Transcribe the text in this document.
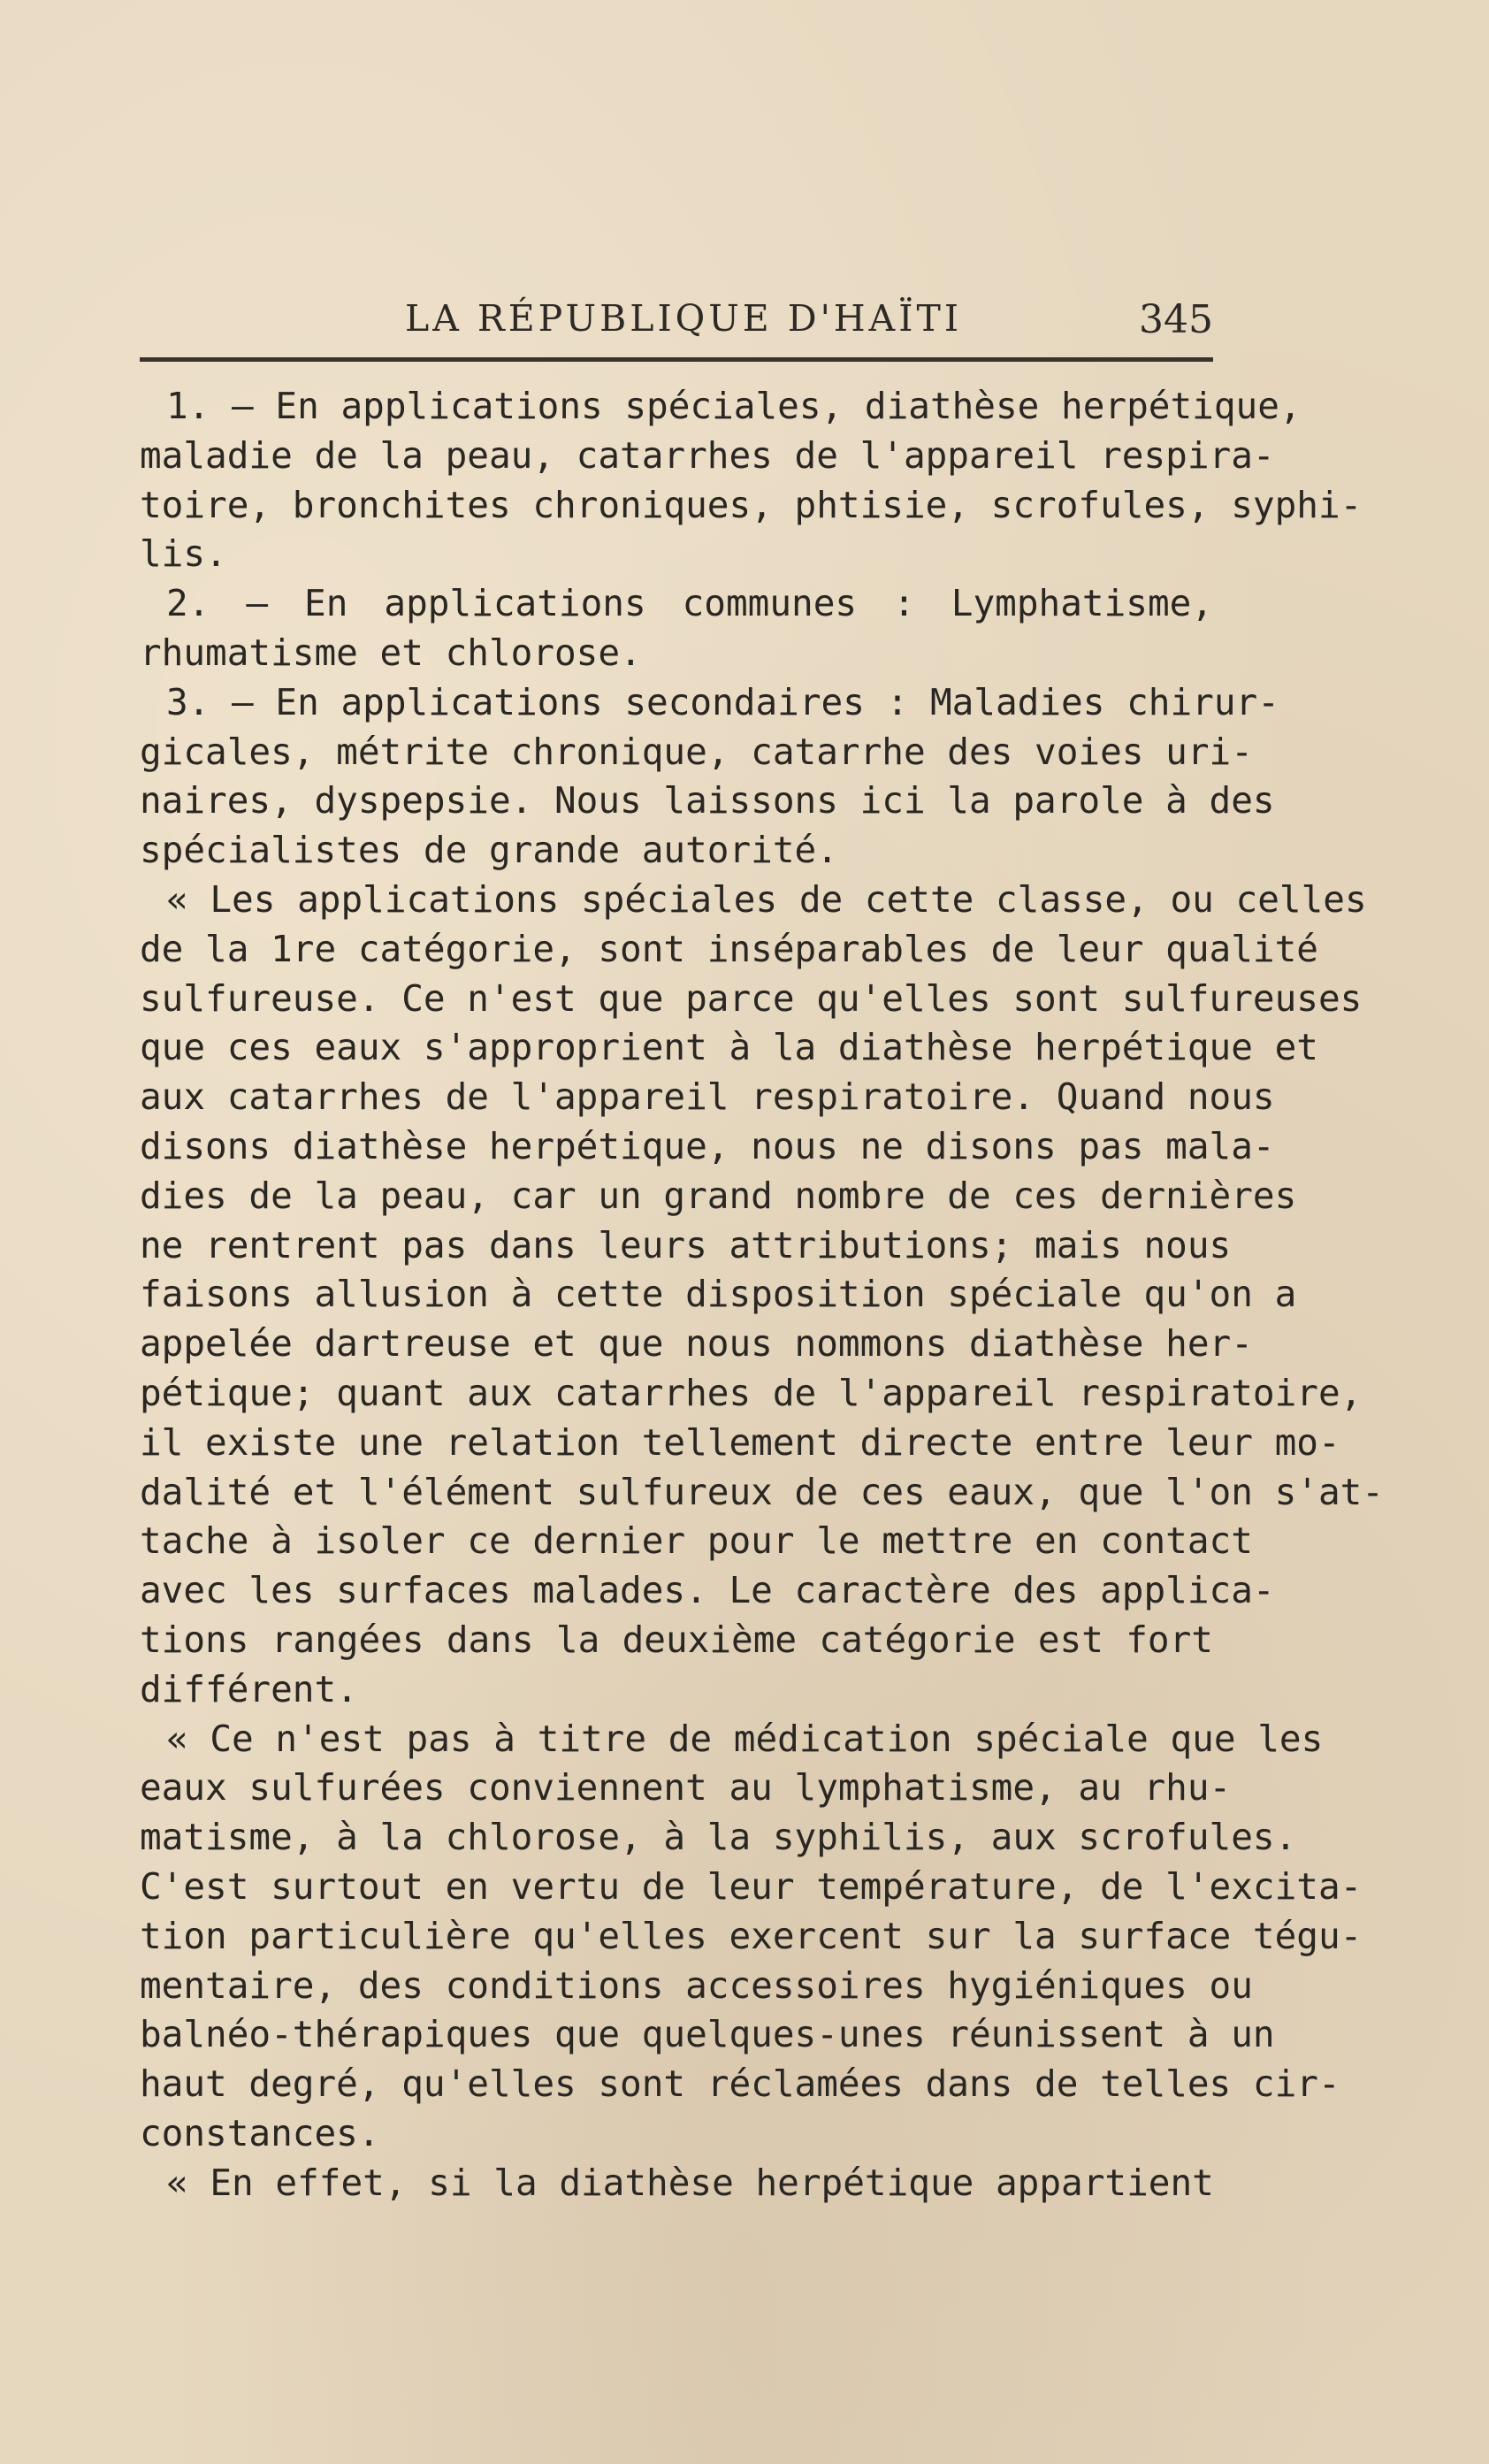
LA RÉPUBLIQUE D'HAÏTI	345
1. — En applications spéciales, diathèse herpétique,
maladie de la peau, catarrhes de l'appareil respira-
toire, bronchites chroniques, phtisie, scrofules, syphi-
lis.
2. — En applications communes : Lymphatisme,
rhumatisme et chlorose.
3. — En applications secondaires : Maladies chirur-
gicales, métrite chronique, catarrhe des voies uri-
naires, dyspepsie. Nous laissons ici la parole à des
spécialistes de grande autorité.
« Les applications spéciales de cette classe, ou celles
de la 1re catégorie, sont inséparables de leur qualité
sulfureuse. Ce n'est que parce qu'elles sont sulfureuses
que ces eaux s'approprient à la diathèse herpétique et
aux catarrhes de l'appareil respiratoire. Quand nous
disons diathèse herpétique, nous ne disons pas mala-
dies de la peau, car un grand nombre de ces dernières
ne rentrent pas dans leurs attributions; mais nous
faisons allusion à cette disposition spéciale qu'on a
appelée dartreuse et que nous nommons diathèse her-
pétique; quant aux catarrhes de l'appareil respiratoire,
il existe une relation tellement directe entre leur mo-
dalité et l'élément sulfureux de ces eaux, que l'on s'at-
tache à isoler ce dernier pour le mettre en contact
avec les surfaces malades. Le caractère des applica-
tions rangées dans la deuxième catégorie est fort
différent.
« Ce n'est pas à titre de médication spéciale que les
eaux sulfurées conviennent au lymphatisme, au rhu-
matisme, à la chlorose, à la syphilis, aux scrofules.
C'est surtout en vertu de leur température, de l'excita-
tion particulière qu'elles exercent sur la surface tégu-
mentaire, des conditions accessoires hygiéniques ou
balnéo-thérapiques que quelques-unes réunissent à un
haut degré, qu'elles sont réclamées dans de telles cir-
constances.
« En effet, si la diathèse herpétique appartient
